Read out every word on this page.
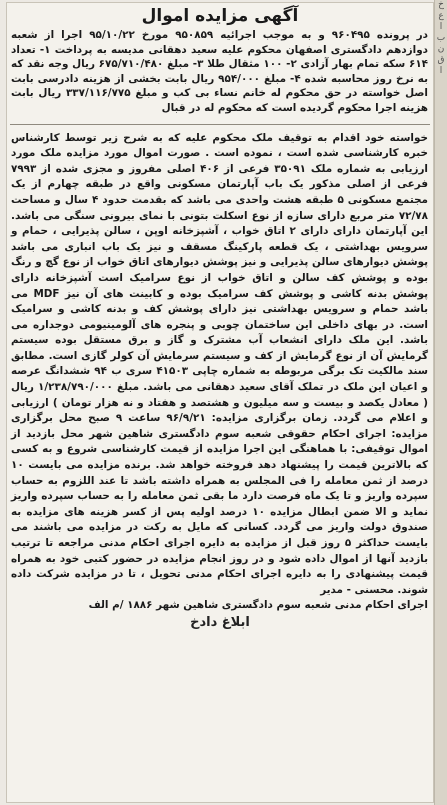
آگهی مزایده اموال

در پرونده ۹۶۰۴۹۵ و به موجب اجرائیه ۹۵۰۸۵۹ مورخ ۹۵/۱۰/۲۲ اجرا از شعبه دوازدهم دادگستری اصفهان محکوم علیه سعید دهقانی مدیسه به پرداخت ۱- تعداد ۶۱۴ سکه تمام بهار آزادی ۲- ۱۰۰ مثقال طلا ۳- مبلغ ۶۷۵/۷۱۰/۴۸۰ ریال وجه نقد که به نرخ روز محاسبه شده ۴- مبلغ ۹۵۴/۰۰۰ ریال بابت بخشی از هزینه دادرسی بابت اصل خواسته در حق محکوم له خانم نساء بی کب و مبلغ ۳۳۷/۱۱۶/۷۷۵ ریال بابت هزینه اجرا محکوم گردیده است که محکوم له در قبال

خواسته خود اقدام به توقیف ملک محکوم علیه که به شرح زیر توسط کارشناس خبره کارشناسی شده است ، نموده است . صورت اموال مورد مزایده ملک مورد ارزیابی به شماره ملک ۳۵۰۹۱ فرعی از ۴۰۶ اصلی مفروز و مجزی شده از ۷۹۹۳ فرعی از اصلی مذکور یک باب آپارتمان مسکونی واقع در طبقه چهارم از یک مجتمع مسکونی ۵ طبقه هشت واحدی می باشد که بقدمت حدود ۴ سال و مساحت ۷۲/۷۸ متر مربع دارای سازه از نوع اسکلت بتونی با نمای بیرونی سنگی می باشد. این آپارتمان دارای دارای ۲ اتاق خواب ، آشپزخانه اوپن ، سالن پذیرایی ، حمام و سرویس بهداشتی ، یک قطعه پارکینگ مسقف و نیز یک باب انباری می باشد پوشش دیوارهای سالن پذیرایی و نیز پوشش دیوارهای اتاق خواب از نوع گچ و رنگ بوده و پوشش کف سالن و اتاق خواب از نوع سرامیک است آشپزخانه دارای پوشش بدنه کاشی و پوشش کف سرامیک بوده و کابینت های آن نیز MDF می باشد حمام و سرویس بهداشتی نیز دارای پوشش کف و بدنه کاشی و سرامیک است. در بهای داخلی این ساختمان چوبی و پنجره های آلومینیومی دوجداره می باشد. این ملک دارای انشعاب آب مشترک و گاز و برق مستقل بوده سیستم گرمایش آن از نوع گرمایش از کف و سیستم سرمایش آن کولر گازی است. مطابق سند مالکیت تک برگی مربوطه به شماره چاپی ۴۱۵۰۳ سری ب ۹۴ ششدانگ عرصه و اعیان این ملک در تملک آقای سعید دهقانی می باشد. مبلغ ۱/۲۳۸/۷۹۰/۰۰۰ ریال ( معادل یکصد و بیست و سه میلیون و هشتصد و هفتاد و نه هزار تومان ) ارزیابی و اعلام می گردد. زمان برگزاری مزایده: ۹۶/۹/۲۱ ساعت ۹ صبح محل برگزاری مزایده: اجرای احکام حقوقی شعبه سوم دادگستری شاهین شهر محل بازدید از اموال توقیفی: با هماهنگی این اجرا مزایده از قیمت کارشناسی شروع و به کسی که بالاترین قیمت را پیشنهاد دهد فروخته خواهد شد. برنده مزایده می بایست ۱۰ درصد از ثمن معامله را فی المجلس به همراه داشته باشد تا عند اللزوم به حساب سپرده واریز و تا یک ماه فرصت دارد ما بقی ثمن معامله را به حساب سپرده واریز نماید و الا ضمن ابطال مزایده ۱۰ درصد اولیه پس از کسر هزینه های مزایده به صندوق دولت واریز می گردد. کسانی که مایل به رکت در مزایده می باشند می بایست حداکثر ۵ روز قبل از مزایده به دایره اجرای احکام مدنی مراجعه تا ترتیب بازدید آنها از اموال داده شود و در روز انجام مزایده در حضور کتبی خود به همراه قیمت پیشنهادی را به دایره اجرای احکام مدنی تحویل ، تا در مزایده شرکت داده شوند. محسنی - مدیر

اجرای احکام مدنی شعبه سوم دادگستری شاهین شهر ۱۸۸۶ /م الف

ابلاغ دادخ
خ
ع
ا
ب
ن
ق
ا
